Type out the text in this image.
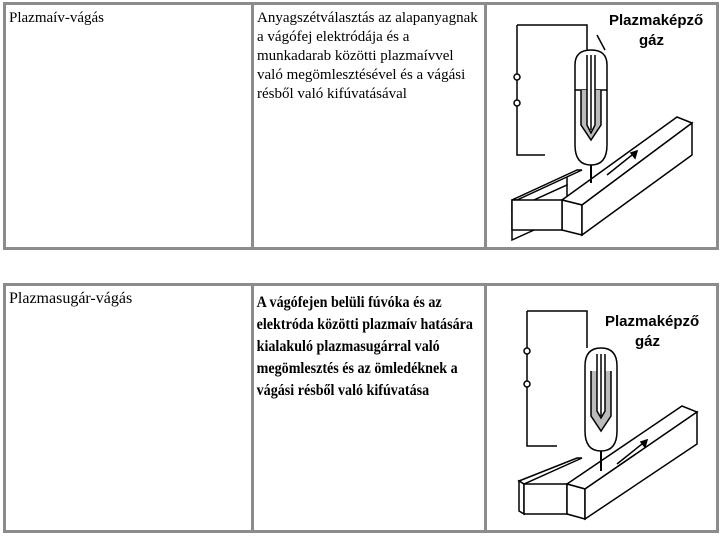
Plazmaív-vágás	Anyagszétválasztás az alapanyagnak a vágófej elektródája és a munkadarab közötti plazmaívvel való megömlesztésével és a vágási résből való kifúvatásával

Plazmaképző
gáz
Plazmasugár-vágás	A vágófejen belüli fúvóka és az elektróda közötti plazmaív hatására kialakuló plazmasugárral való megömlesztés és az ömledéknek a vágási résből való kifúvatása

Plazmaképző
gáz
